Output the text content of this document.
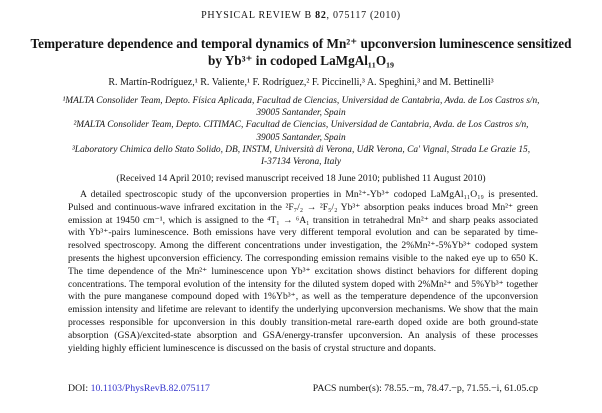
PHYSICAL REVIEW B 82, 075117 (2010)
Temperature dependence and temporal dynamics of Mn²⁺ upconversion luminescence sensitized
by Yb³⁺ in codoped LaMgAl₁₁O₁₉
R. Martín-Rodríguez,¹ R. Valiente,¹ F. Rodríguez,² F. Piccinelli,³ A. Speghini,³ and M. Bettinelli³
¹MALTA Consolider Team, Depto. Física Aplicada, Facultad de Ciencias, Universidad de Cantabria, Avda. de Los Castros s/n,
39005 Santander, Spain
²MALTA Consolider Team, Depto. CITIMAC, Facultad de Ciencias, Universidad de Cantabria, Avda. de Los Castros s/n,
39005 Santander, Spain
³Laboratory Chimica dello Stato Solido, DB, INSTM, Università di Verona, UdR Verona, Ca' Vignal, Strada Le Grazie 15,
I-37134 Verona, Italy
(Received 14 April 2010; revised manuscript received 18 June 2010; published 11 August 2010)

A detailed spectroscopic study of the upconversion properties in Mn²⁺-Yb³⁺ codoped LaMgAl₁₁O₁₉ is presented. Pulsed and continuous-wave infrared excitation in the ²F₇/₂ → ²F₅/₂ Yb³⁺ absorption peaks induces broad Mn²⁺ green emission at 19450 cm⁻¹, which is assigned to the ⁴T₁ → ⁶A₁ transition in tetrahedral Mn²⁺ and sharp peaks associated with Yb³⁺-pairs luminescence. Both emissions have very different temporal evolution and can be separated by time-resolved spectroscopy. Among the different concentrations under investigation, the 2%Mn²⁺-5%Yb³⁺ codoped system presents the highest upconversion efficiency. The corresponding emission remains visible to the naked eye up to 650 K. The time dependence of the Mn²⁺ luminescence upon Yb³⁺ excitation shows distinct behaviors for different doping concentrations. The temporal evolution of the intensity for the diluted system doped with 2%Mn²⁺ and 5%Yb³⁺ together with the pure manganese compound doped with 1%Yb³⁺, as well as the temperature dependence of the upconversion emission intensity and lifetime are relevant to identify the underlying upconversion mechanisms. We show that the main processes responsible for upconversion in this doubly transition-metal rare-earth doped oxide are both ground-state absorption (GSA)/excited-state absorption and GSA/energy-transfer upconversion. An analysis of these processes yielding highly efficient luminescence is discussed on the basis of crystal structure and dopants.

DOI: 10.1103/PhysRevB.82.075117	PACS number(s): 78.55.−m, 78.47.−p, 71.55.−i, 61.05.cp
